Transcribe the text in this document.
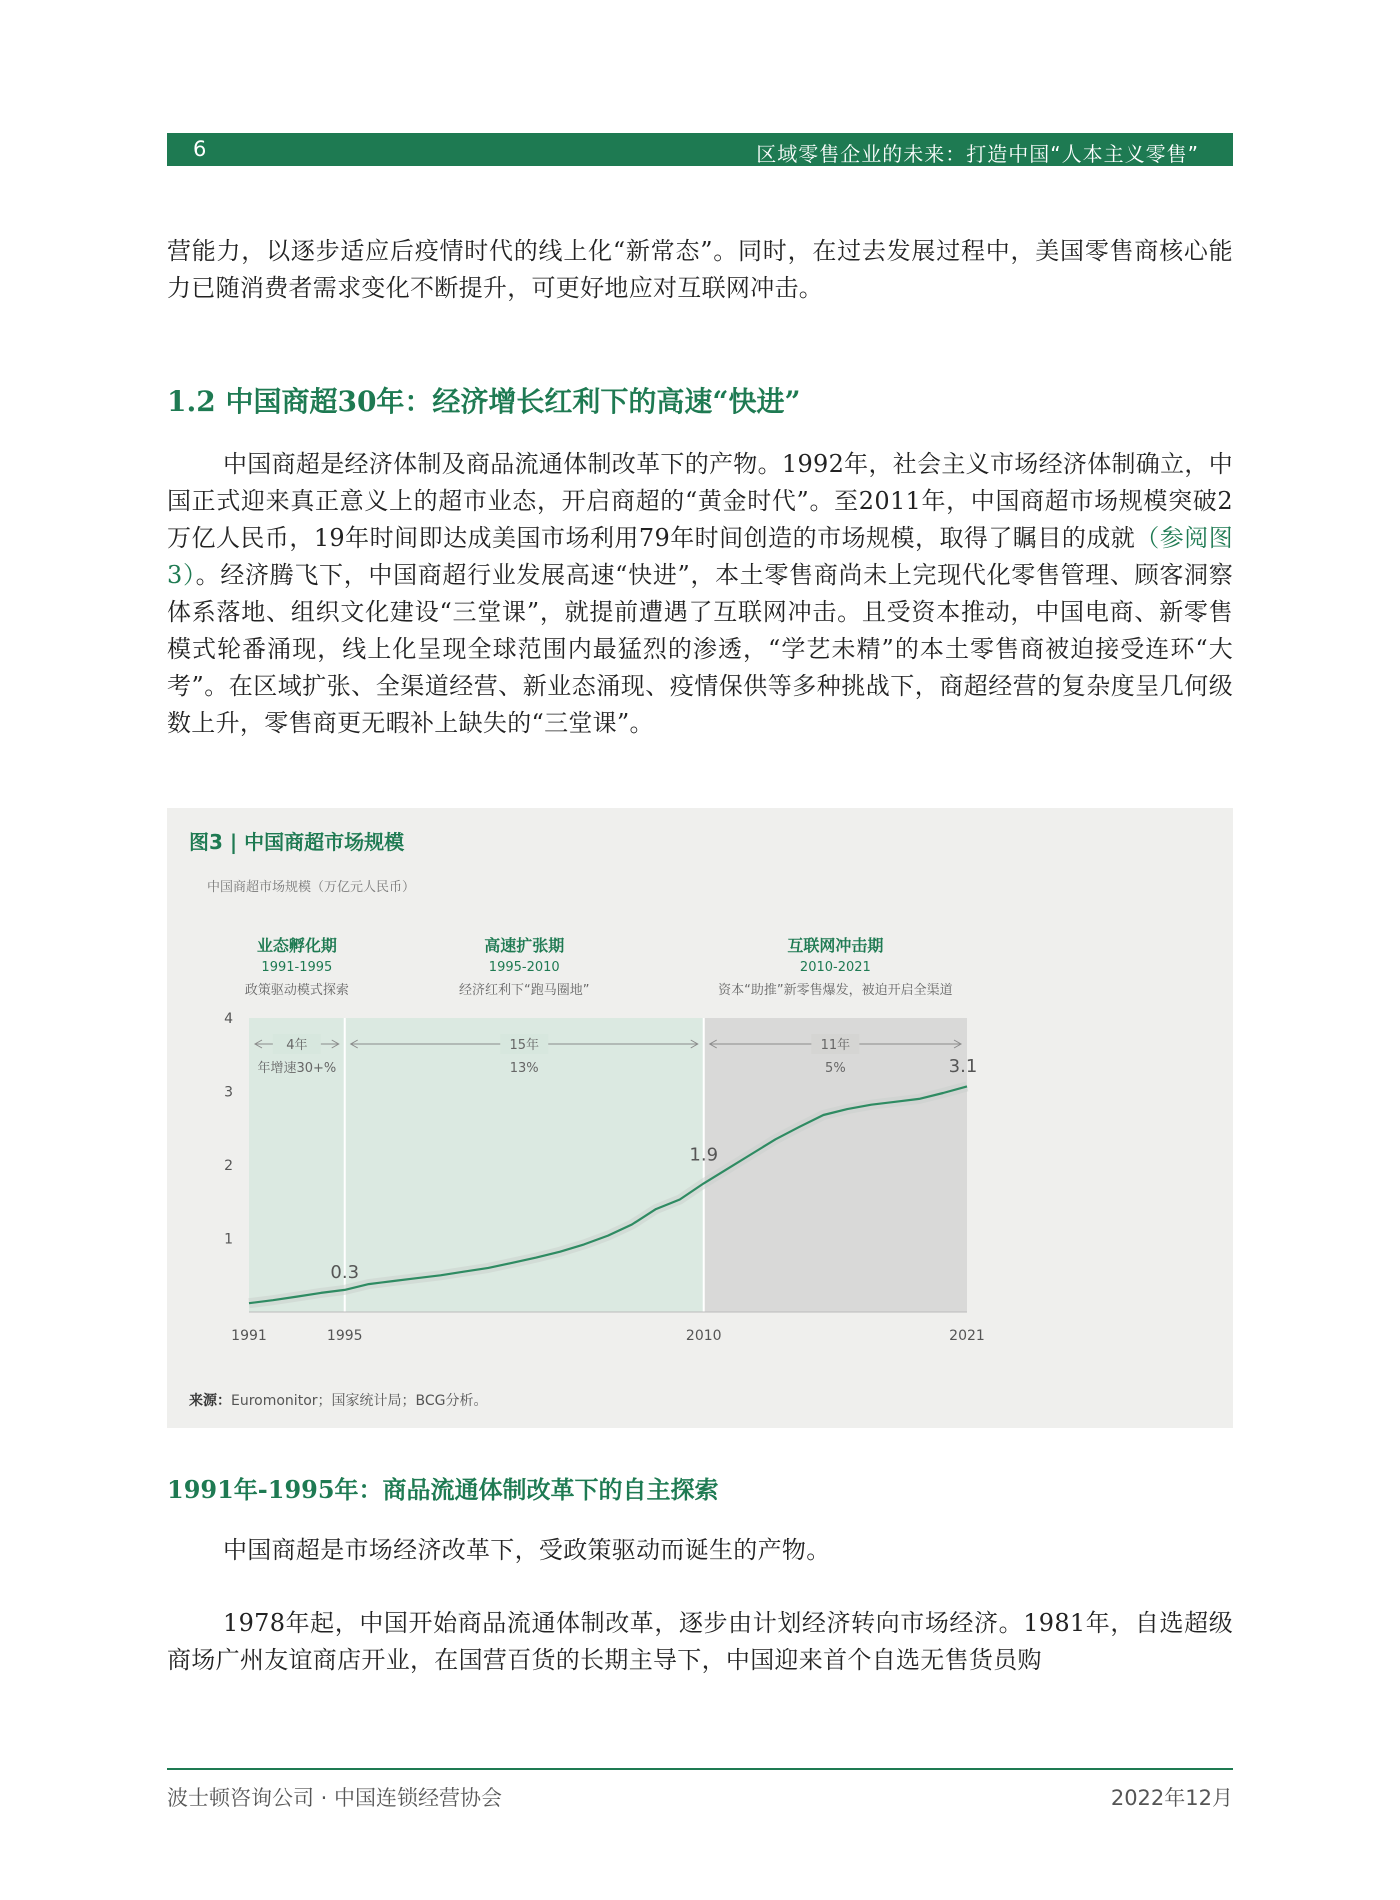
6	区域零售企业的未来：打造中国“人本主义零售”
营能力，以逐步适应后疫情时代的线上化“新常态”。同时，在过去发展过程中，美国零售商核心能力已随消费者需求变化不断提升，可更好地应对互联网冲击。
1.2 中国商超30年：经济增长红利下的高速“快进”
中国商超是经济体制及商品流通体制改革下的产物。1992年，社会主义市场经济体制确立，中国正式迎来真正意义上的超市业态，开启商超的“黄金时代”。至2011年，中国商超市场规模突破2万亿人民币，19年时间即达成美国市场利用79年时间创造的市场规模，取得了瞩目的成就（参阅图3）。经济腾飞下，中国商超行业发展高速“快进”，本土零售商尚未上完现代化零售管理、顾客洞察体系落地、组织文化建设“三堂课”，就提前遭遇了互联网冲击。且受资本推动，中国电商、新零售模式轮番涌现，线上化呈现全球范围内最猛烈的渗透，“学艺未精”的本土零售商被迫接受连环“大考”。在区域扩张、全渠道经营、新业态涌现、疫情保供等多种挑战下，商超经营的复杂度呈几何级数上升，零售商更无暇补上缺失的“三堂课”。
图3 | 中国商超市场规模
中国商超市场规模（万亿元人民币）
业态孵化期
1991-1995
政策驱动模式探索
4年
年增速30+%
高速扩张期
1995-2010
经济红利下“跑马圈地”
15年
13%
互联网冲击期
2010-2021
资本“助推”新零售爆发，被迫开启全渠道
11年
5%
1
2
3
4
1991	1995	2010	2021
0.3
1.9
3.1
来源：Euromonitor；国家统计局；BCG分析。
1991年-1995年：商品流通体制改革下的自主探索
中国商超是市场经济改革下，受政策驱动而诞生的产物。
1978年起，中国开始商品流通体制改革，逐步由计划经济转向市场经济。1981年，自选超级商场广州友谊商店开业，在国营百货的长期主导下，中国迎来首个自选无售货员购
波士顿咨询公司 · 中国连锁经营协会	2022年12月
